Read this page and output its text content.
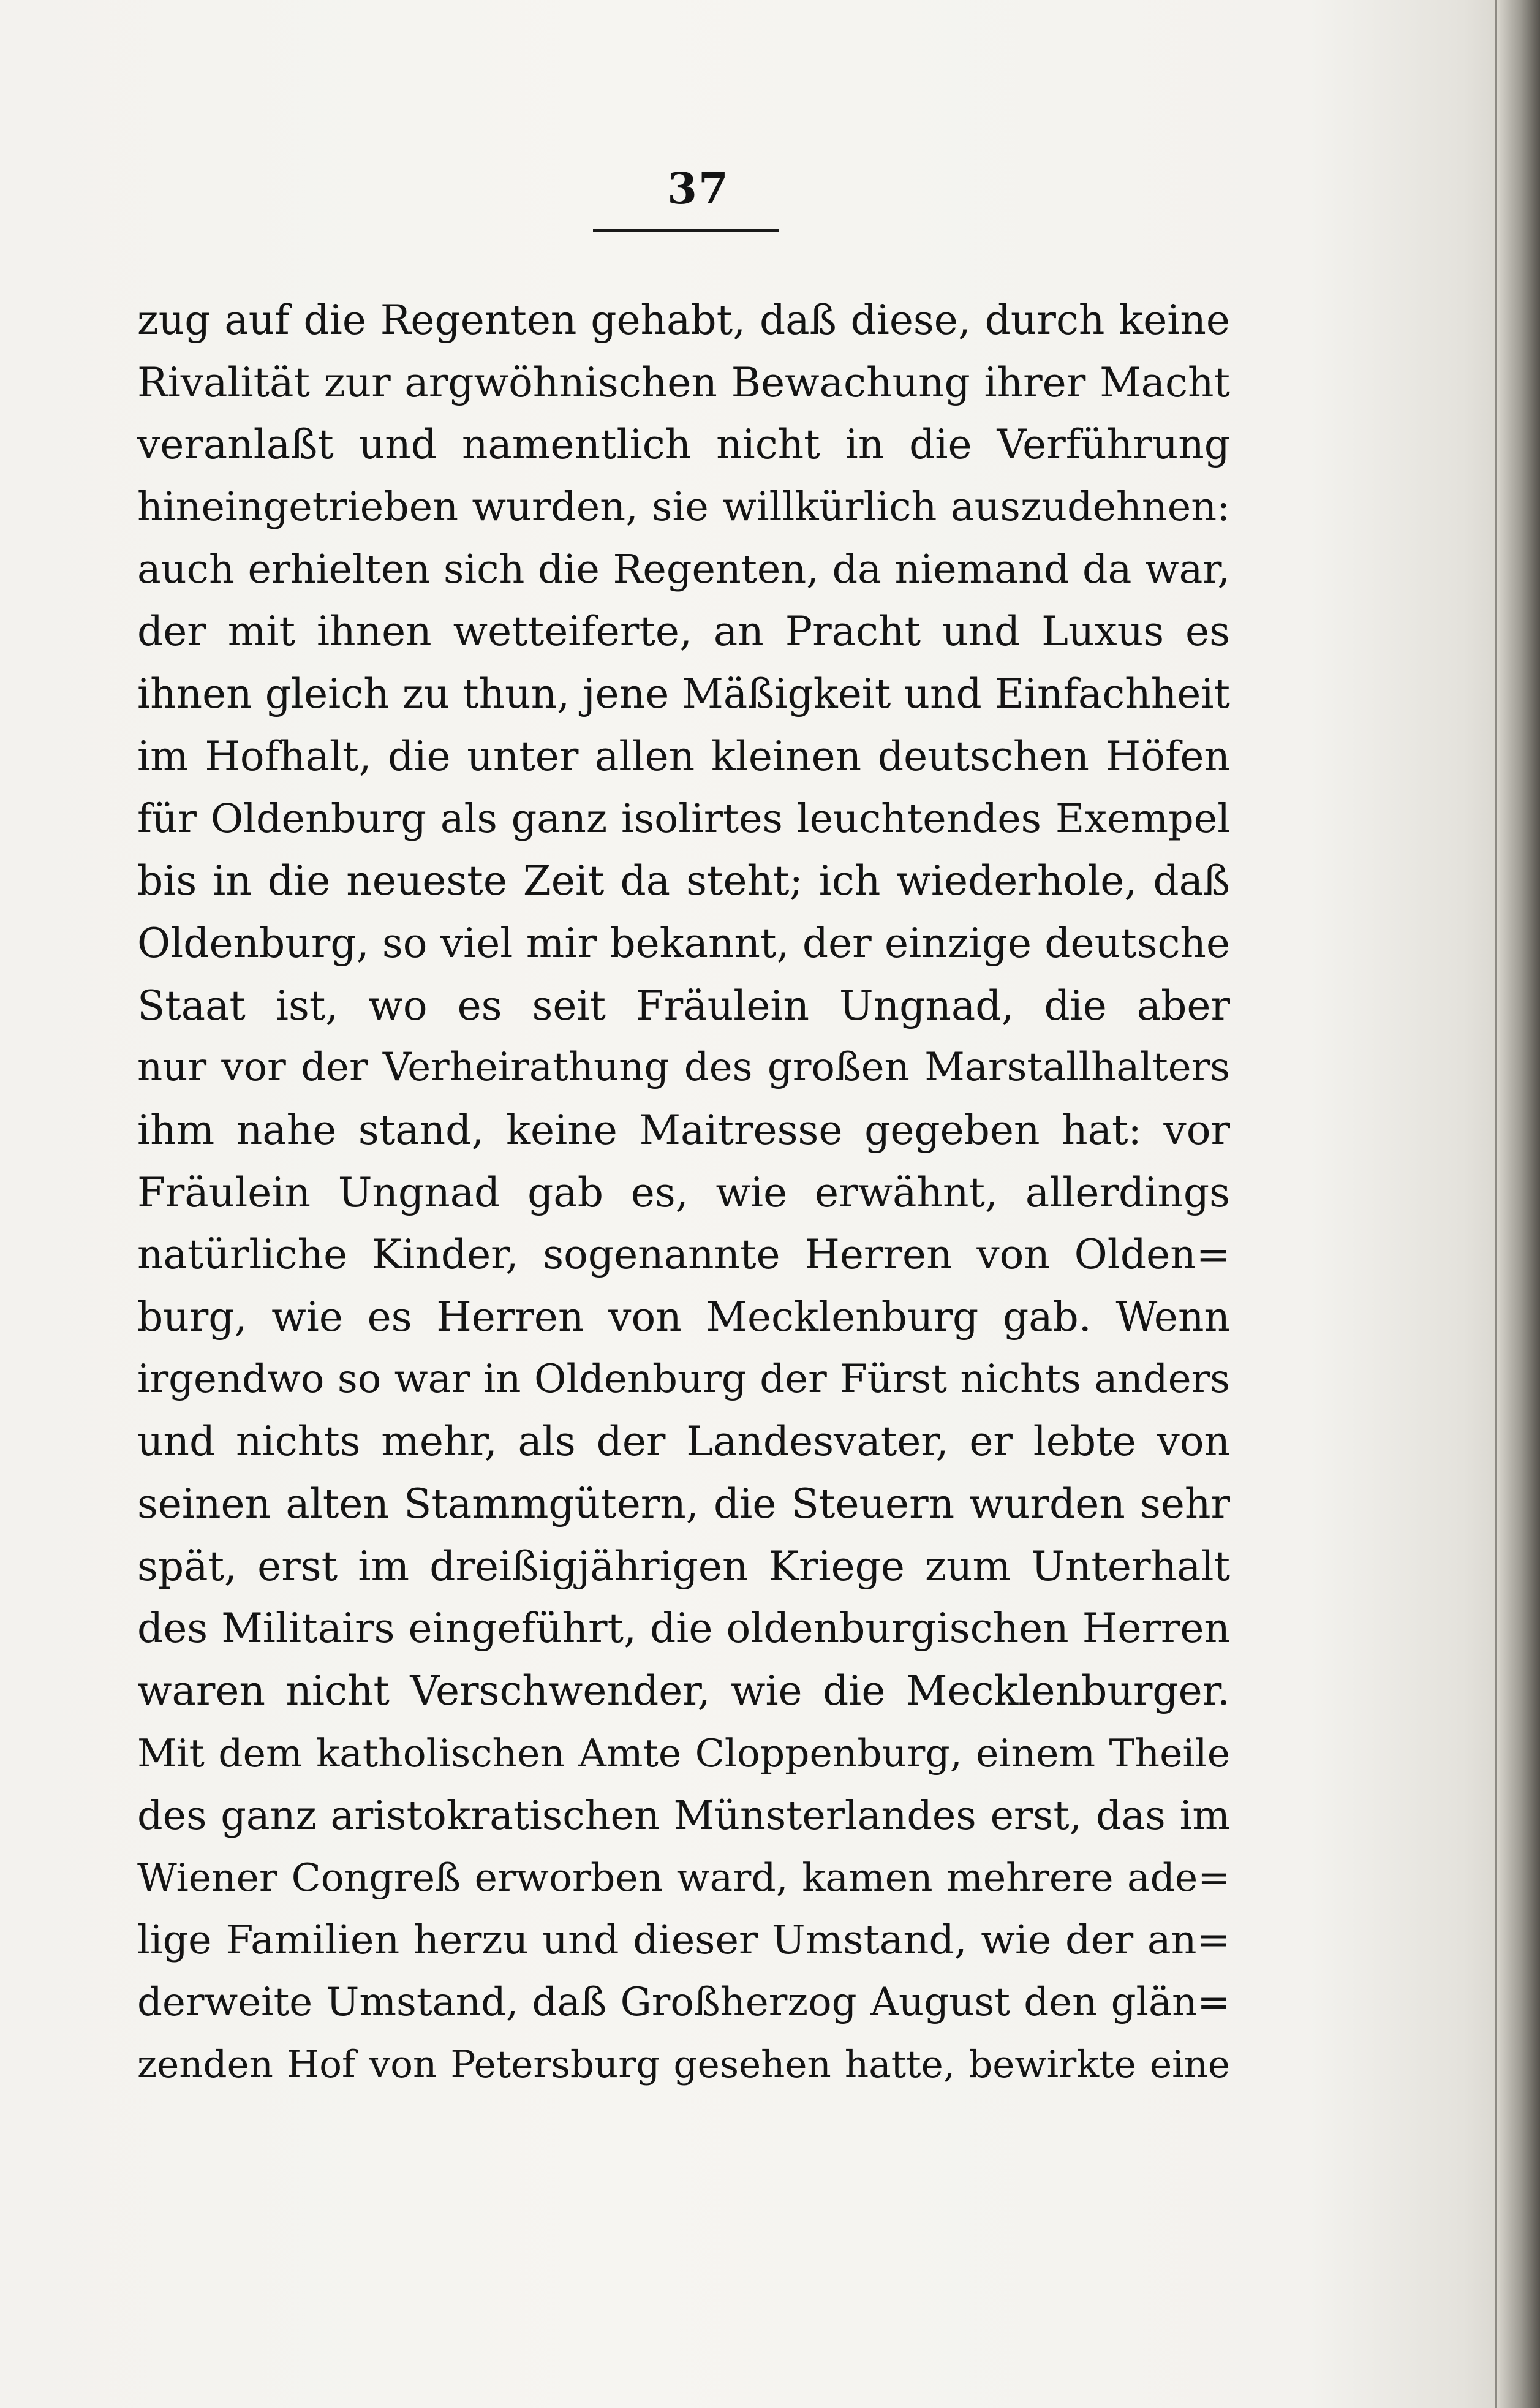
37
zug auf die Regenten gehabt, daß diese, durch keine
Rivalität zur argwöhnischen Bewachung ihrer Macht
veranlaßt und namentlich nicht in die Verführung
hineingetrieben wurden, sie willkürlich auszudehnen:
auch erhielten sich die Regenten, da niemand da war,
der mit ihnen wetteiferte, an Pracht und Luxus es
ihnen gleich zu thun, jene Mäßigkeit und Einfachheit
im Hofhalt, die unter allen kleinen deutschen Höfen
für Oldenburg als ganz isolirtes leuchtendes Exempel
bis in die neueste Zeit da steht; ich wiederhole, daß
Oldenburg, so viel mir bekannt, der einzige deutsche
Staat ist, wo es seit Fräulein Ungnad, die aber
nur vor der Verheirathung des großen Marstallhalters
ihm nahe stand, keine Maitresse gegeben hat: vor
Fräulein Ungnad gab es, wie erwähnt, allerdings
natürliche Kinder, sogenannte Herren von Olden=
burg, wie es Herren von Mecklenburg gab. Wenn
irgendwo so war in Oldenburg der Fürst nichts anders
und nichts mehr, als der Landesvater, er lebte von
seinen alten Stammgütern, die Steuern wurden sehr
spät, erst im dreißigjährigen Kriege zum Unterhalt
des Militairs eingeführt, die oldenburgischen Herren
waren nicht Verschwender, wie die Mecklenburger.
Mit dem katholischen Amte Cloppenburg, einem Theile
des ganz aristokratischen Münsterlandes erst, das im
Wiener Congreß erworben ward, kamen mehrere ade=
lige Familien herzu und dieser Umstand, wie der an=
derweite Umstand, daß Großherzog August den glän=
zenden Hof von Petersburg gesehen hatte, bewirkte eine
